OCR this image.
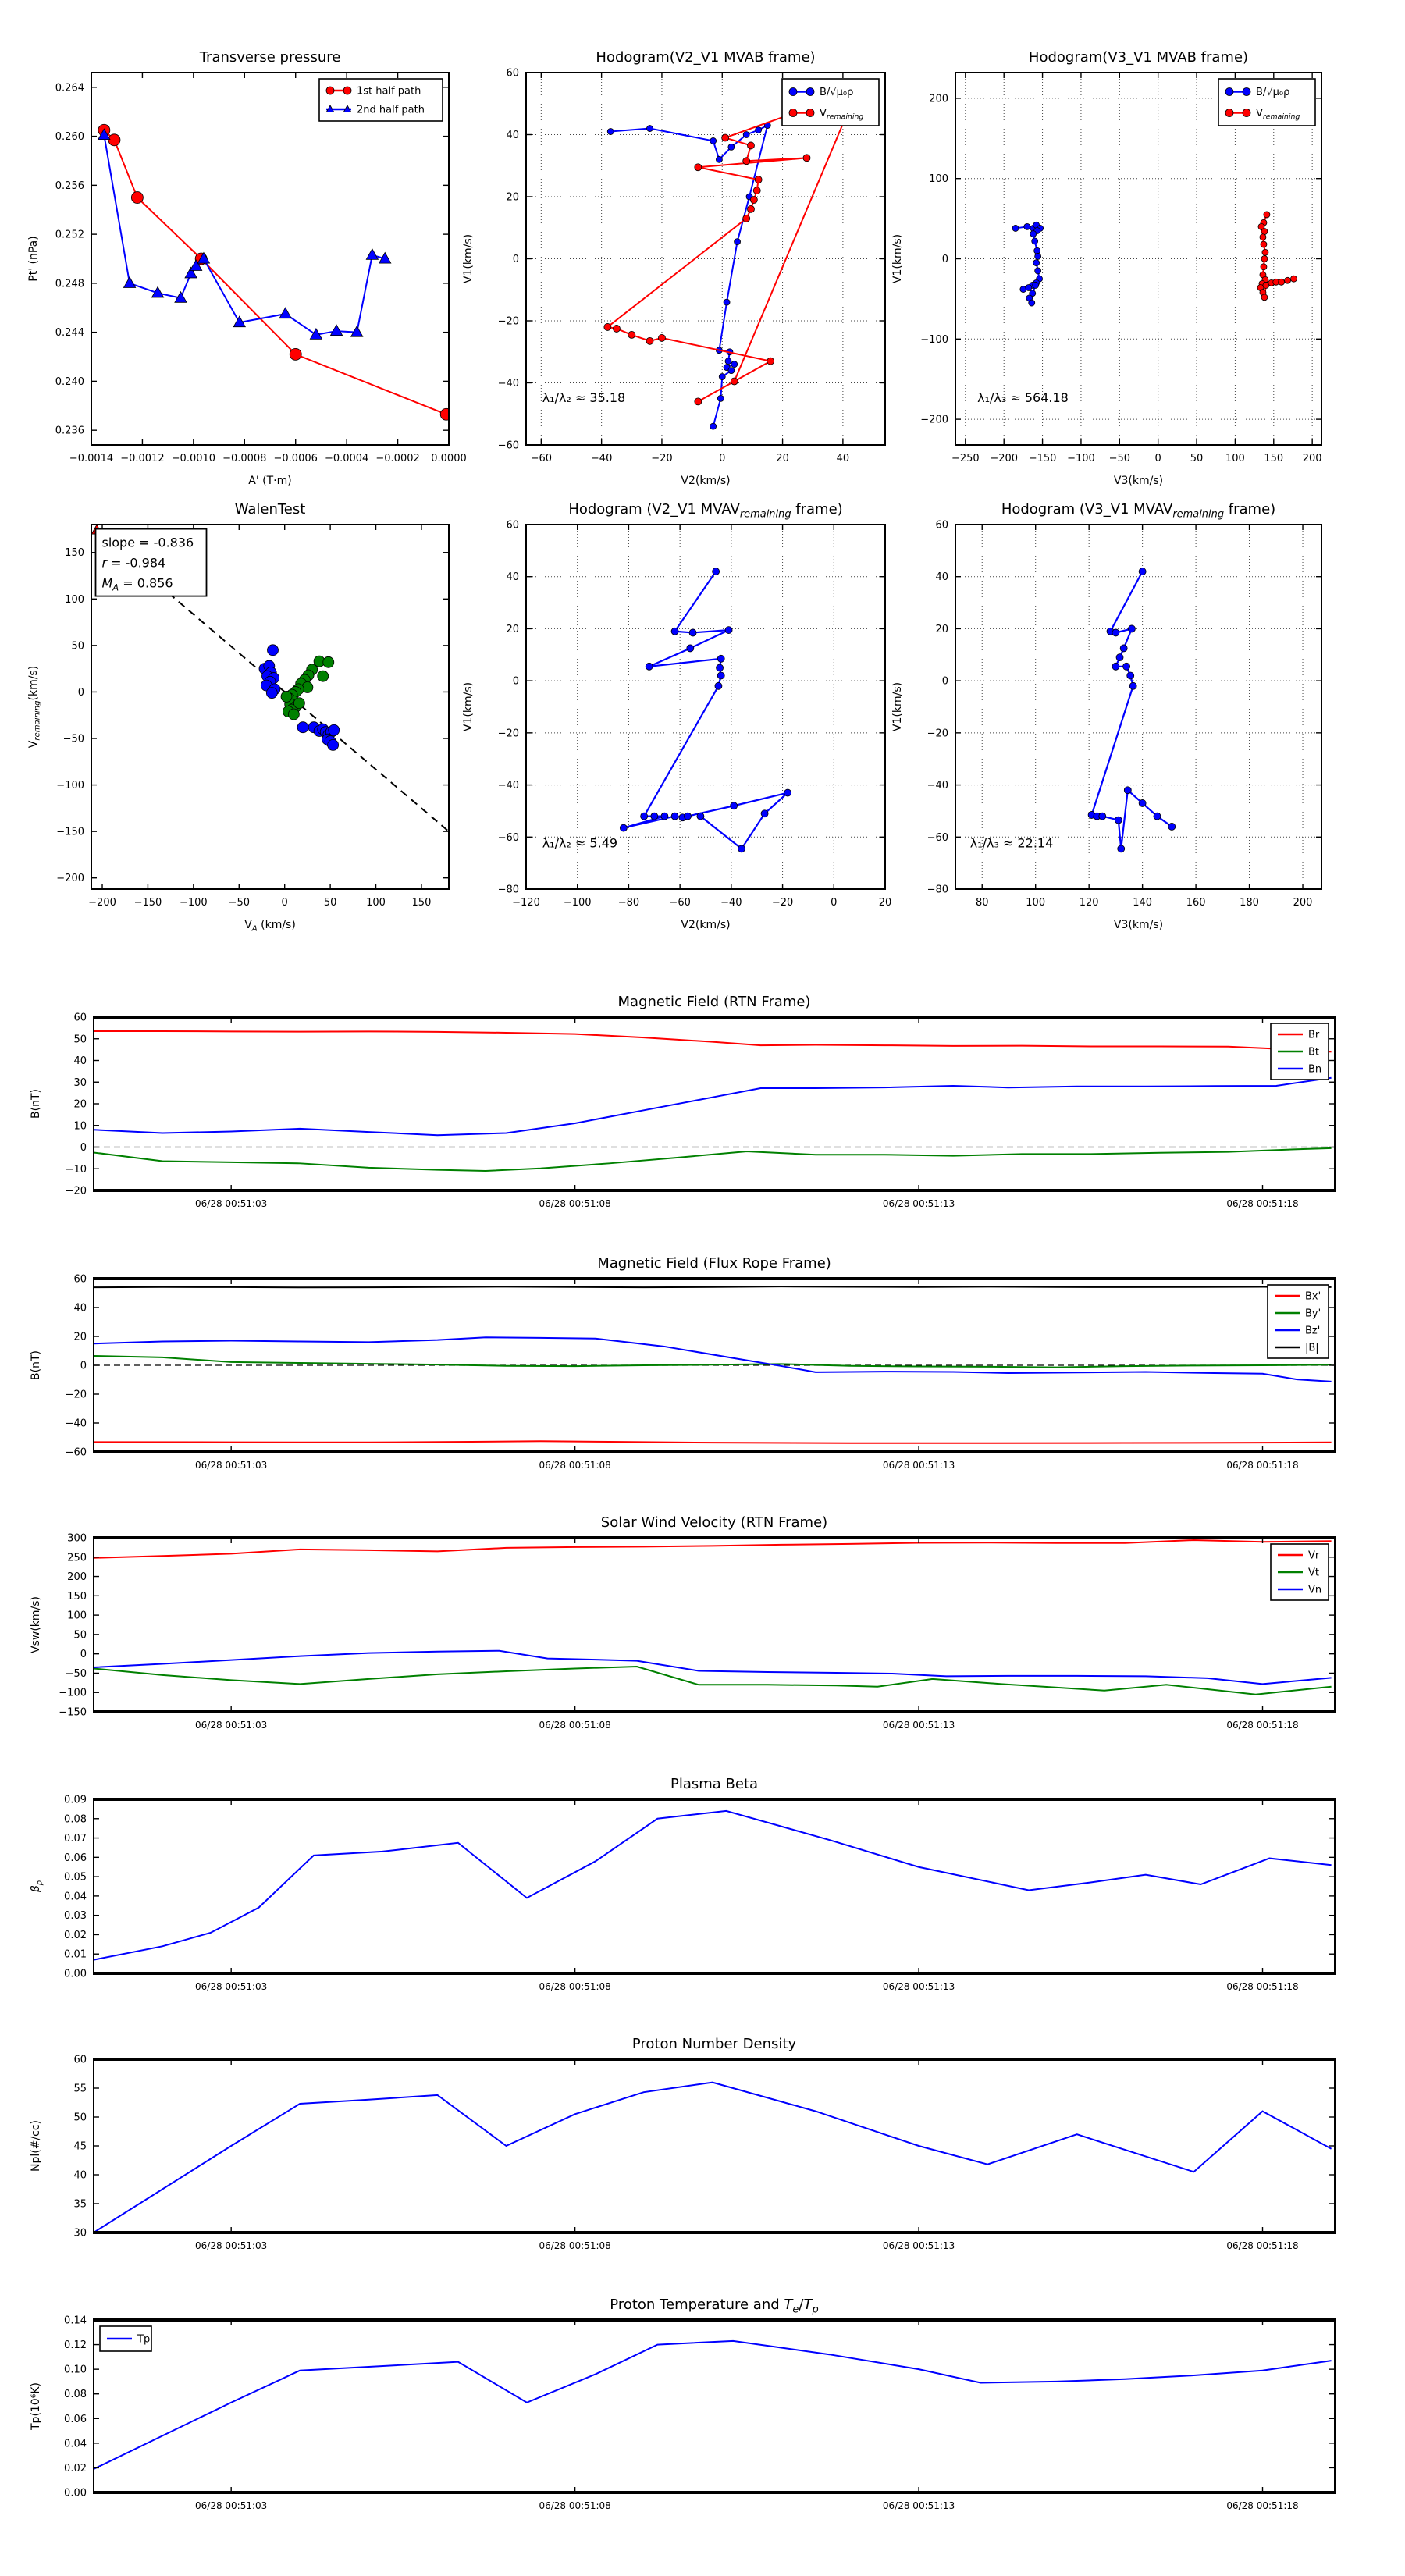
−0.0014 −0.0012 −0.0010 −0.0008 −0.0006 −0.0004 −0.0002 0.0000
0.236
0.240
0.244
0.248
0.252
0.256
0.260
0.264
Transverse pressure
A' (T·m)
Pt' (nPa)
1st half path
2nd half path
−60	−40	−20	0	20	40
−60
−40
−20
0
20
40
60
Hodogram(V2_V1 MVAB frame)
V2(km/s)
V1(km/s)
B/√μ₀ρ
$V_{remaining}$
λ₁/λ₂ ≈ 35.18
−250 −200 −150 −100 −50 0	50 100 150 200
−200
−100
0
100
200
Hodogram(V3_V1 MVAB frame)
V3(km/s)
V1(km/s)
B/√μ₀ρ
$V_{remaining}$
λ₁/λ₃ ≈ 564.18
−200 −150 −100 −50	0	50	100	150
−200
−150
−100
−50
0
50
100
150
WalenTest
$V_A$ (km/s)
$V_{remaining}(km/s)$
slope = -0.836
r = -0.984
$M_A = 0.856$
−120 −100	−80	−60	−40	−20	0	20
−80
−60
−40
−20
0
20
40
60
Hodogram (V2_V1 $MVAV_{remaining}$ frame)
V2(km/s)
V1(km/s)
λ₁/λ₂ ≈ 5.49
80	100	120	140	160	180	200
−80
−60
−40
−20
0
20
40
60
Hodogram (V3_V1 $MVAV_{remaining}$ frame)
V3(km/s)
V1(km/s)
λ₁/λ₃ ≈ 22.14
06/28 00:51:03	06/28 00:51:08	06/28 00:51:13	06/28 00:51:18
−20
−10
0
10
20
30
40
50
60
Magnetic Field (RTN Frame)
B(nT)
Br
Bt
Bn
06/28 00:51:03	06/28 00:51:08	06/28 00:51:13	06/28 00:51:18
−60
−40
−20
0
20
40
60
Magnetic Field (Flux Rope Frame)
B(nT)
Bx'
By'
Bz'
|B|
06/28 00:51:03	06/28 00:51:08	06/28 00:51:13	06/28 00:51:18
−150
−100
−50
0
50
100
150
200
250
300
Solar Wind Velocity (RTN Frame)
Vsw(km/s)
Vr
Vt
Vn
06/28 00:51:03	06/28 00:51:08	06/28 00:51:13	06/28 00:51:18
0.00
0.01
0.02
0.03
0.04
0.05
0.06
0.07
0.08
0.09
Plasma Beta
$\beta_p$
06/28 00:51:03	06/28 00:51:08	06/28 00:51:13	06/28 00:51:18
30
35
40
45
50
55
60
Proton Number Density
Npl(#/cc)
06/28 00:51:03	06/28 00:51:08	06/28 00:51:13	06/28 00:51:18
0.00
0.02
0.04
0.06
0.08
0.10
0.12
0.14
Proton Temperature and $T_e/T_p$
Tp(10⁶K)
Tp
